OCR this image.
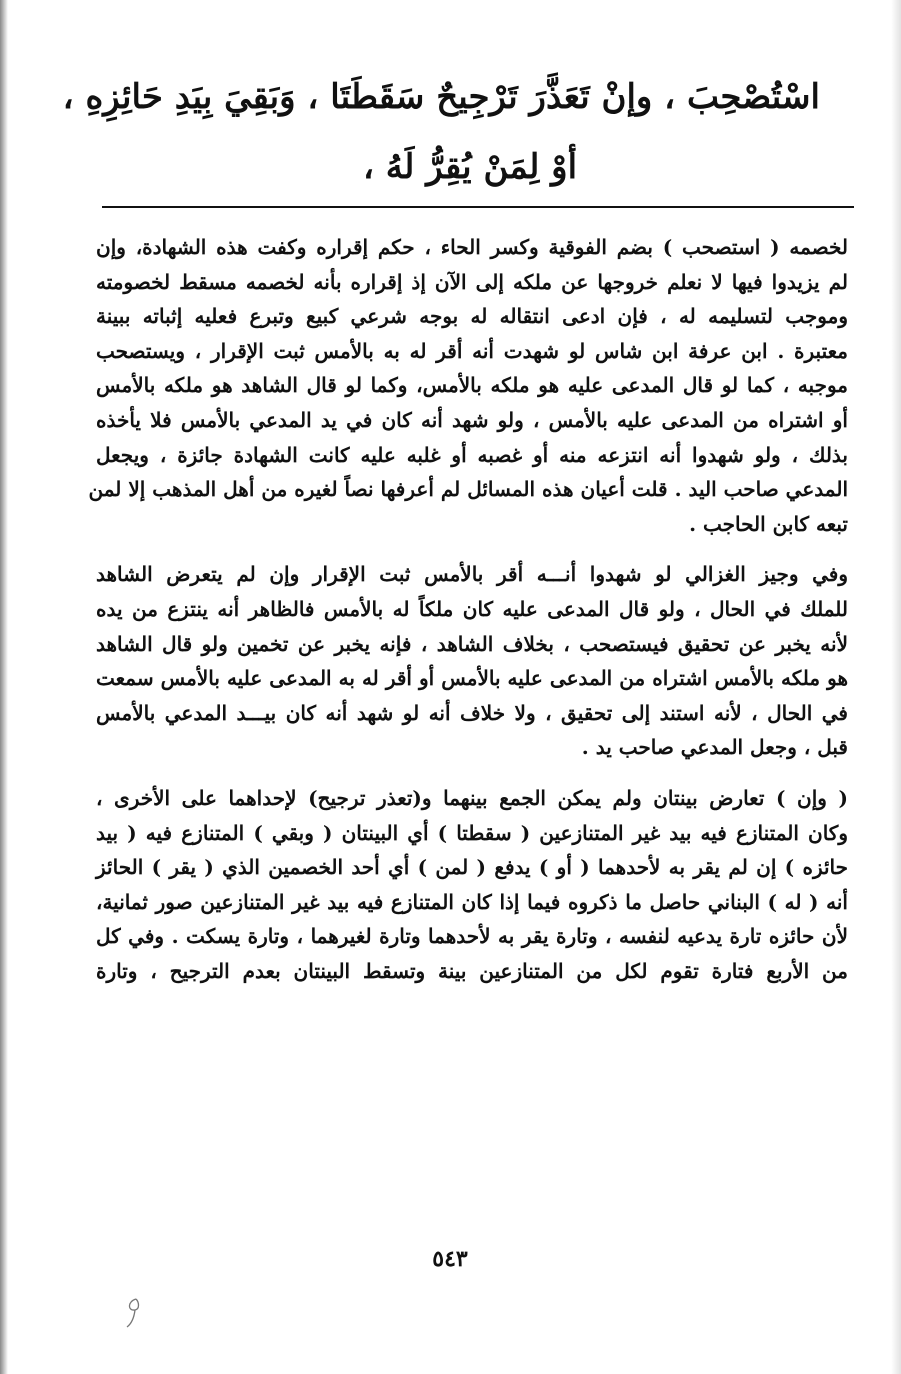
اسْتُصْحِبَ ، وإنْ تَعَذَّرَ تَرْجِيحٌ سَقَطَتَا ، وَبَقِيَ بِيَدِ حَائِزِهِ ،
أوْ لِمَنْ يُقِرُّ لَهُ ،
لخصمه ( استصحب ) بضم الفوقية وكسر الحاء ، حكم إقراره وكفت هذه الشهادة، وإن
لم يزيدوا فيها لا نعلم خروجها عن ملكه إلى الآن إذ إقراره بأنه لخصمه مسقط لخصومته
وموجب لتسليمه له ، فإن ادعى انتقاله له بوجه شرعي كبيع وتبرع فعليه إثباته ببينة
معتبرة . ابن عرفة ابن شاس لو شهدت أنه أقر له به بالأمس ثبت الإقرار ، ويستصحب
موجبه ، كما لو قال المدعى عليه هو ملكه بالأمس، وكما لو قال الشاهد هو ملكه بالأمس
أو اشتراه من المدعى عليه بالأمس ، ولو شهد أنه كان في يد المدعي بالأمس فلا يأخذه
بذلك ، ولو شهدوا أنه انتزعه منه أو غصبه أو غلبه عليه كانت الشهادة جائزة ، ويجعل
المدعي صاحب اليد . قلت أعيان هذه المسائل لم أعرفها نصاً لغيره من أهل المذهب إلا لمن
تبعه كابن الحاجب .
وفي وجيز الغزالي لو شهدوا أنـــه أقر بالأمس ثبت الإقرار وإن لم يتعرض الشاهد
للملك في الحال ، ولو قال المدعى عليه كان ملكاً له بالأمس فالظاهر أنه ينتزع من يده
لأنه يخبر عن تحقيق فيستصحب ، بخلاف الشاهد ، فإنه يخبر عن تخمين ولو قال الشاهد
هو ملكه بالأمس اشتراه من المدعى عليه بالأمس أو أقر له به المدعى عليه بالأمس سمعت
في الحال ، لأنه استند إلى تحقيق ، ولا خلاف أنه لو شهد أنه كان بيـــد المدعي بالأمس
قبل ، وجعل المدعي صاحب يد .
( وإن ) تعارض بينتان ولم يمكن الجمع بينهما و(تعذر ترجيح) لإحداهما على الأخرى ،
وكان المتنازع فيه بيد غير المتنازعين ( سقطتا ) أي البينتان ( وبقي ) المتنازع فيه ( بيد
حائزه ) إن لم يقر به لأحدهما ( أو ) يدفع ( لمن ) أي أحد الخصمين الذي ( يقر ) الحائز
أنه ( له ) البناني حاصل ما ذكروه فيما إذا كان المتنازع فيه بيد غير المتنازعين صور ثمانية،
لأن حائزه تارة يدعيه لنفسه ، وتارة يقر به لأحدهما وتارة لغيرهما ، وتارة يسكت . وفي كل
من الأربع فتارة تقوم لكل من المتنازعين بينة وتسقط البينتان بعدم الترجيح ، وتارة
٥٤٣
